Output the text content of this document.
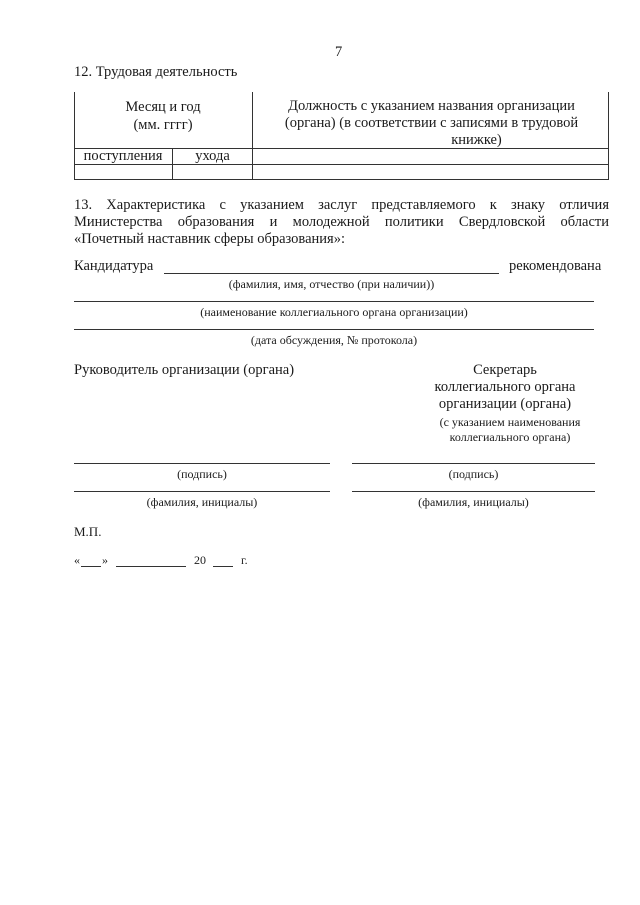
7
12. Трудовая деятельность
Месяц и год
(мм. гггг)
Должность с указанием названия организации
(органа) (в соответствии с записями в трудовой
книжке)
поступления	ухода
13. Характеристика с указанием заслуг представляемого к знаку отличия
Министерства образования и молодежной политики Свердловской области
«Почетный наставник сферы образования»:
Кандидатура	рекомендована
(фамилия, имя, отчество (при наличии))
(наименование коллегиального органа организации)
(дата обсуждения, № протокола)
Руководитель организации (органа)	Секретарь
коллегиального органа
организации (органа)
(с указанием наименования
коллегиального органа)
(подпись)	(подпись)
(фамилия, инициалы)	(фамилия, инициалы)
М.П.
« »	20	г.
